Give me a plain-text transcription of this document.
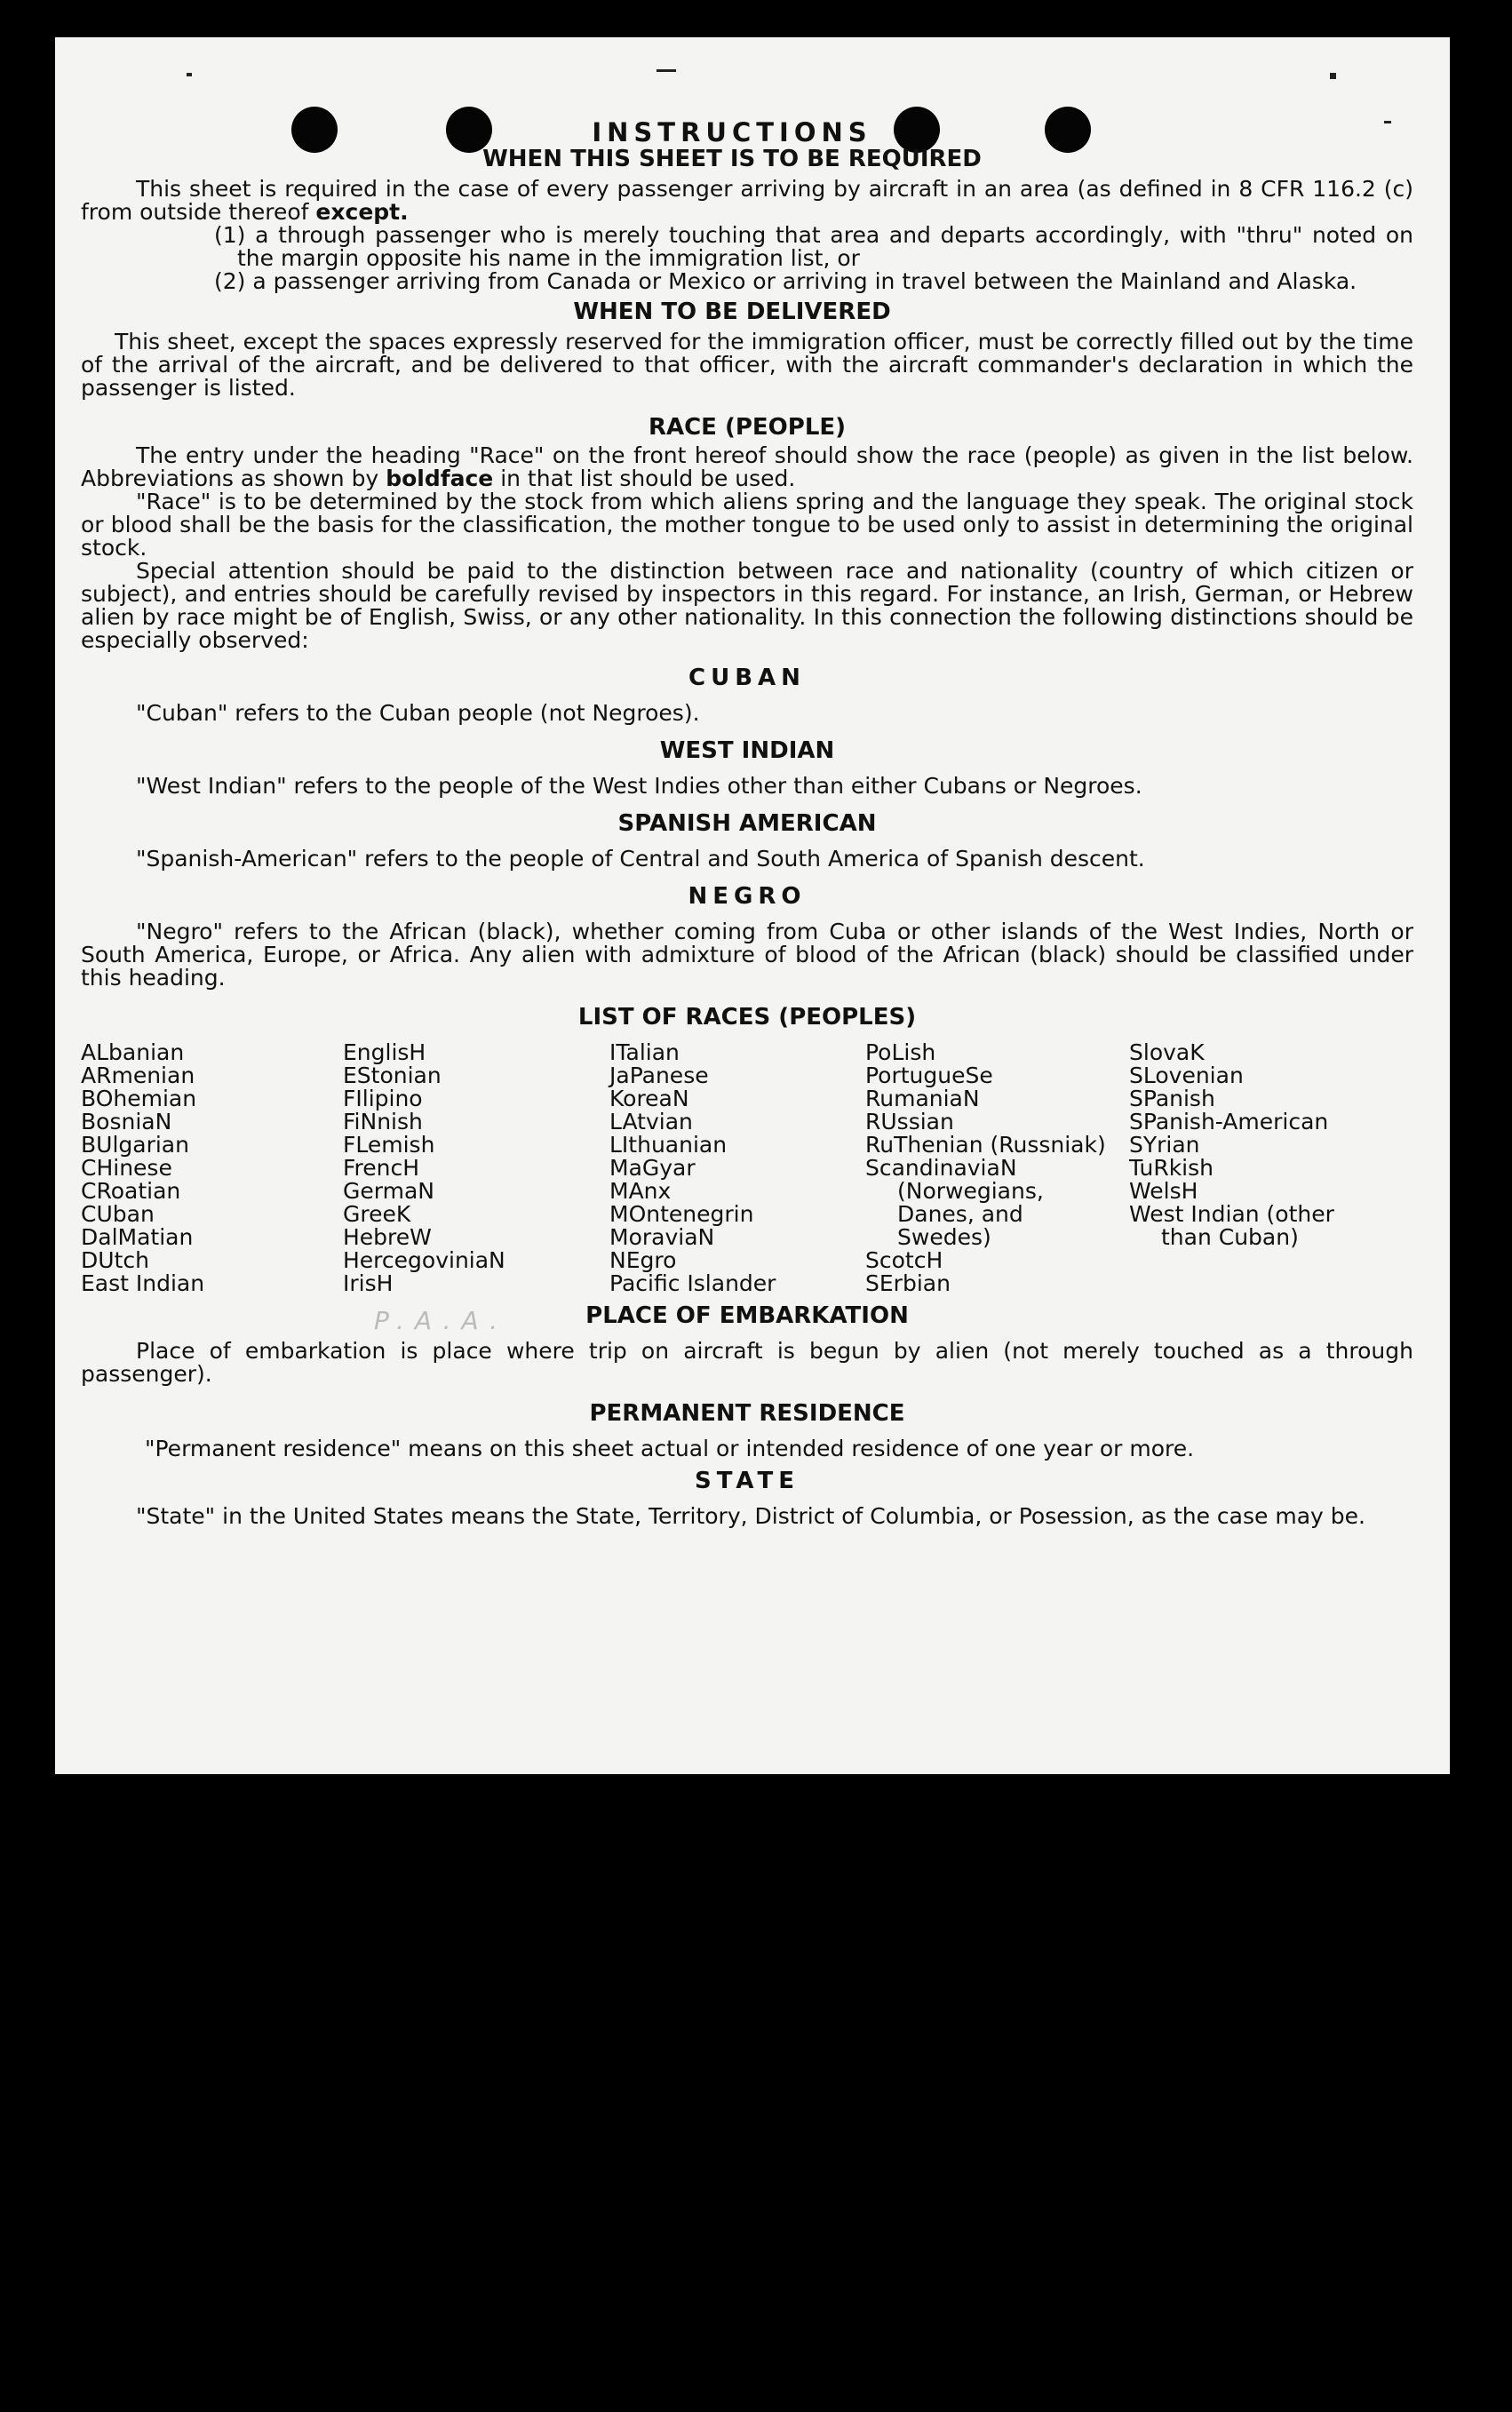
INSTRUCTIONS

WHEN THIS SHEET IS TO BE REQUIRED

This sheet is required in the case of every passenger arriving by aircraft in an area (as defined in 8 CFR 116.2 (c) from outside thereof except.

(1) a through passenger who is merely touching that area and departs accordingly, with "thru" noted on the margin opposite his name in the immigration list, or

(2) a passenger arriving from Canada or Mexico or arriving in travel between the Mainland and Alaska.

WHEN TO BE DELIVERED

This sheet, except the spaces expressly reserved for the immigration officer, must be correctly filled out by the time of the arrival of the aircraft, and be delivered to that officer, with the aircraft commander's declaration in which the passenger is listed.

RACE (PEOPLE)

The entry under the heading "Race" on the front hereof should show the race (people) as given in the list below. Abbreviations as shown by boldface in that list should be used.

"Race" is to be determined by the stock from which aliens spring and the language they speak. The original stock or blood shall be the basis for the classification, the mother tongue to be used only to assist in determining the original stock.

Special attention should be paid to the distinction between race and nationality (country of which citizen or subject), and entries should be carefully revised by inspectors in this regard. For instance, an Irish, German, or Hebrew alien by race might be of English, Swiss, or any other nationality. In this connection the following distinctions should be especially observed:

CUBAN

"Cuban" refers to the Cuban people (not Negroes).

WEST INDIAN

"West Indian" refers to the people of the West Indies other than either Cubans or Negroes.

SPANISH AMERICAN

"Spanish-American" refers to the people of Central and South America of Spanish descent.

NEGRO

"Negro" refers to the African (black), whether coming from Cuba or other islands of the West Indies, North or South America, Europe, or Africa. Any alien with admixture of blood of the African (black) should be classified under this heading.

LIST OF RACES (PEOPLES)

ALbanian
ARmenian
BOhemian
BosniaN
BUlgarian
CHinese
CRoatian
CUban
DalMatian
DUtch
East Indian
EnglisH
EStonian
FIlipino
FiNnish
FLemish
FrencH
GermaN
GreeK
HebreW
HercegoviniaN
IrisH
ITalian
JaPanese
KoreaN
LAtvian
LIthuanian
MaGyar
MAnx
MOntenegrin
MoraviaN
NEgro
Pacific Islander
PoLish
PortugueSe
RumaniaN
RUssian
RuThenian (Russniak)
ScandinaviaN
(Norwegians,
Danes, and
Swedes)
ScotcH
SErbian
SlovaK
SLovenian
SPanish
SPanish-American
SYrian
TuRkish
WelsH
West Indian (other
than Cuban)
P.A.A.	PLACE OF EMBARKATION

Place of embarkation is place where trip on aircraft is begun by alien (not merely touched as a through passenger).

PERMANENT RESIDENCE

"Permanent residence" means on this sheet actual or intended residence of one year or more.

STATE

"State" in the United States means the State, Territory, District of Columbia, or Posession, as the case may be.
